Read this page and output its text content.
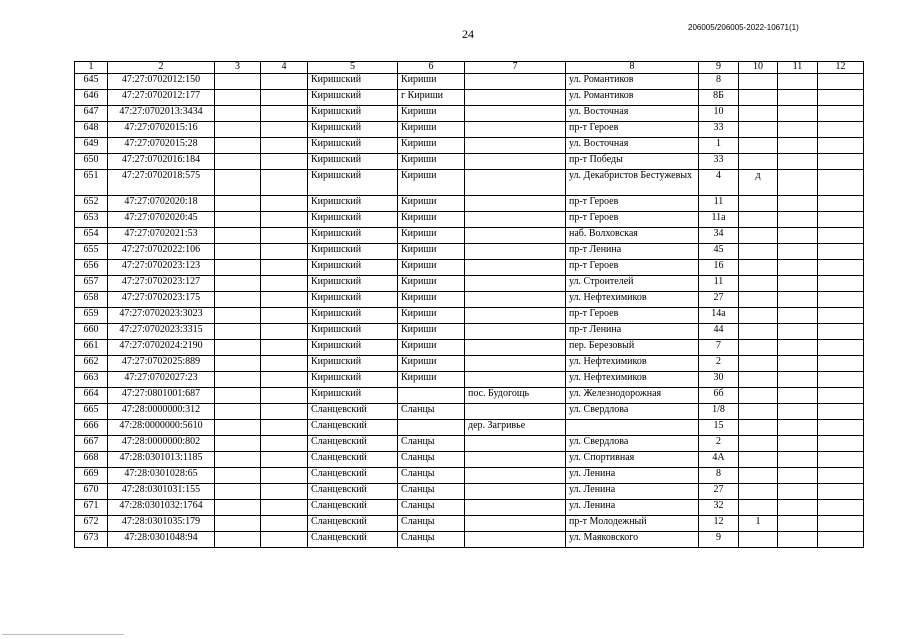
24	206005/206005-2022-10671(1)
1	2	3	4	5	6	7	8	9	10	11	12
645	47:27:0702012:150			Киришский	Кириши		ул. Романтиков	8			
646	47:27:0702012:177			Киришский	г Кириши		ул. Романтиков	8Б			
647	47:27:0702013:3434			Киришский	Кириши		ул. Восточная	10			
648	47:27:0702015:16			Киришский	Кириши		пр-т Героев	33			
649	47:27:0702015:28			Киришский	Кириши		ул. Восточная	1			
650	47:27:0702016:184			Киришский	Кириши		пр-т Победы	33			
651	47:27:0702018:575			Киришский	Кириши		ул. Декабристов Бестужевых	4	д		
652	47:27:0702020:18			Киришский	Кириши		пр-т Героев	11			
653	47:27:0702020:45			Киришский	Кириши		пр-т Героев	11а			
654	47:27:0702021:53			Киришский	Кириши		наб. Волховская	34			
655	47:27:0702022:106			Киришский	Кириши		пр-т Ленина	45			
656	47:27:0702023:123			Киришский	Кириши		пр-т Героев	16			
657	47:27:0702023:127			Киришский	Кириши		ул. Строителей	11			
658	47:27:0702023:175			Киришский	Кириши		ул. Нефтехимиков	27			
659	47:27:0702023:3023			Киришский	Кириши		пр-т Героев	14а			
660	47:27:0702023:3315			Киришский	Кириши		пр-т Ленина	44			
661	47:27:0702024:2190			Киришский	Кириши		пер. Березовый	7			
662	47:27:0702025:889			Киришский	Кириши		ул. Нефтехимиков	2			
663	47:27:0702027:23			Киришский	Кириши		ул. Нефтехимиков	30			
664	47:27:0801001:687			Киришский		пос. Будогощь	ул. Железнодорожная	6б			
665	47:28:0000000:312			Сланцевский	Сланцы		ул. Свердлова	1/8			
666	47:28:0000000:5610			Сланцевский		дер. Загривье		15			
667	47:28:0000000:802			Сланцевский	Сланцы		ул. Свердлова	2			
668	47:28:0301013:1185			Сланцевский	Сланцы		ул. Спортивная	4А			
669	47:28:0301028:65			Сланцевский	Сланцы		ул. Ленина	8			
670	47:28:0301031:155			Сланцевский	Сланцы		ул. Ленина	27			
671	47:28:0301032:1764			Сланцевский	Сланцы		ул. Ленина	32			
672	47:28:0301035:179			Сланцевский	Сланцы		пр-т Молодежный	12	1		
673	47:28:0301048:94			Сланцевский	Сланцы		ул. Маяковского	9			
